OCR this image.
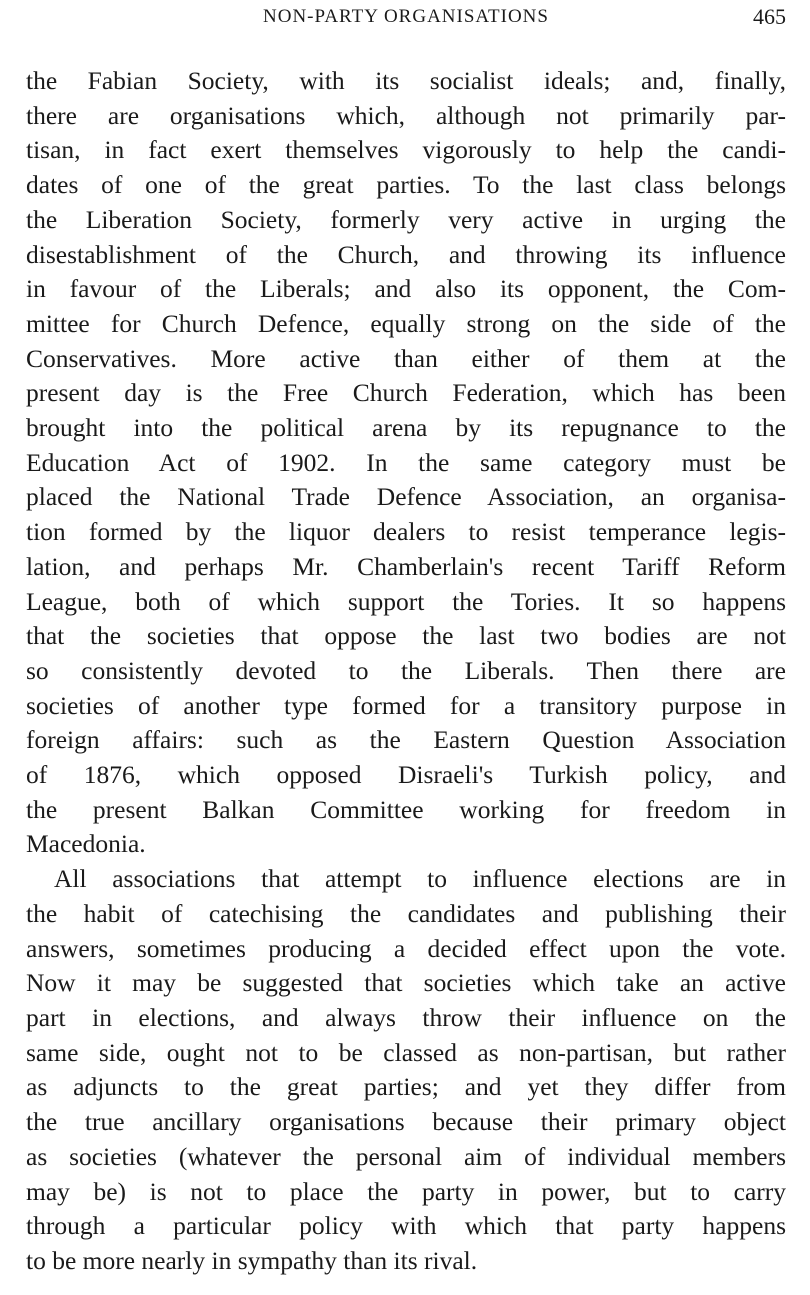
NON-PARTY ORGANISATIONS	465

the Fabian Society, with its socialist ideals; and, finally,
there are organisations which, although not primarily par-
tisan, in fact exert themselves vigorously to help the candi-
dates of one of the great parties. To the last class belongs
the Liberation Society, formerly very active in urging the
disestablishment of the Church, and throwing its influence
in favour of the Liberals; and also its opponent, the Com-
mittee for Church Defence, equally strong on the side of the
Conservatives. More active than either of them at the
present day is the Free Church Federation, which has been
brought into the political arena by its repugnance to the
Education Act of 1902. In the same category must be
placed the National Trade Defence Association, an organisa-
tion formed by the liquor dealers to resist temperance legis-
lation, and perhaps Mr. Chamberlain's recent Tariff Reform
League, both of which support the Tories. It so happens
that the societies that oppose the last two bodies are not
so consistently devoted to the Liberals. Then there are
societies of another type formed for a transitory purpose in
foreign affairs: such as the Eastern Question Association
of 1876, which opposed Disraeli's Turkish policy, and
the present Balkan Committee working for freedom in
Macedonia.

All associations that attempt to influence elections are in
the habit of catechising the candidates and publishing their
answers, sometimes producing a decided effect upon the vote.
Now it may be suggested that societies which take an active
part in elections, and always throw their influence on the
same side, ought not to be classed as non-partisan, but rather
as adjuncts to the great parties; and yet they differ from
the true ancillary organisations because their primary object
as societies (whatever the personal aim of individual members
may be) is not to place the party in power, but to carry
through a particular policy with which that party happens
to be more nearly in sympathy than its rival.
